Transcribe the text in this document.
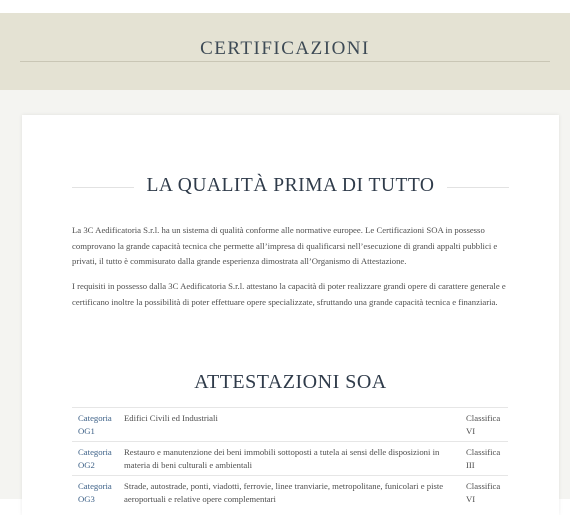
CERTIFICAZIONI
LA QUALITÀ PRIMA DI TUTTO

La 3C Aedificatoria S.r.l. ha un sistema di qualità conforme alle normative europee. Le Certificazioni SOA in possesso comprovano la grande capacità tecnica che permette all’impresa di qualificarsi nell’esecuzione di grandi appalti pubblici e privati, il tutto è commisurato dalla grande esperienza dimostrata all’Organismo di Attestazione.

I requisiti in possesso dalla 3C Aedificatoria S.r.l. attestano la capacità di poter realizzare grandi opere di carattere generale e certificano inoltre la possibilità di poter effettuare opere specializzate, sfruttando una grande capacità tecnica e finanziaria.

ATTESTAZIONI SOA
Categoria OG1	Edifici Civili ed Industriali	Classifica VI
Categoria OG2	Restauro e manutenzione dei beni immobili sottoposti a tutela ai sensi delle disposizioni in materia di beni culturali e ambientali	Classifica III
Categoria OG3	Strade, autostrade, ponti, viadotti, ferrovie, linee tranviarie, metropolitane, funicolari e piste aeroportuali e relative opere complementari	Classifica VI
